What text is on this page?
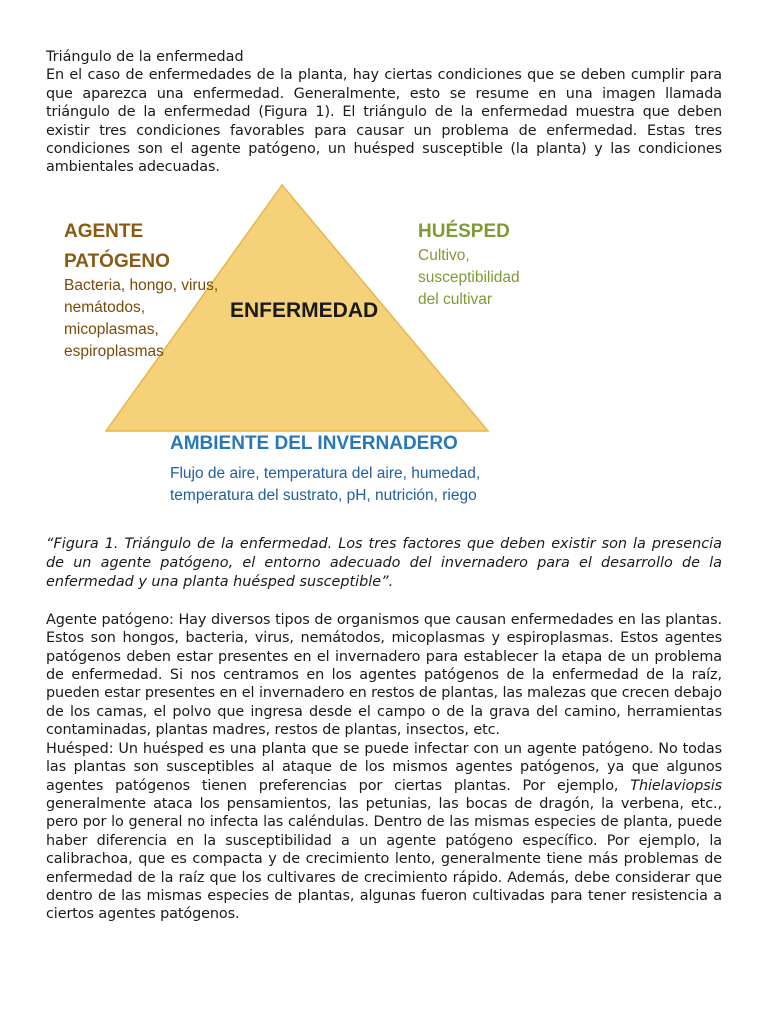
Triángulo de la enfermedad

En el caso de enfermedades de la planta, hay ciertas condiciones que se deben cumplir para que aparezca una enfermedad. Generalmente, esto se resume en una imagen llamada triángulo de la enfermedad (Figura 1). El triángulo de la enfermedad muestra que deben existir tres condiciones favorables para causar un problema de enfermedad. Estas tres condiciones son el agente patógeno, un huésped susceptible (la planta) y las condiciones ambientales adecuadas.

AGENTE
PATÓGENO
Bacteria, hongo, virus,
nemátodos,
micoplasmas,
espiroplasmas
HUÉSPED
Cultivo,
susceptibilidad
del cultivar
ENFERMEDAD
AMBIENTE DEL INVERNADERO
Flujo de aire, temperatura del aire, humedad,
temperatura del sustrato, pH, nutrición, riego

“Figura 1. Triángulo de la enfermedad. Los tres factores que deben existir son la presencia de un agente patógeno, el entorno adecuado del invernadero para el desarrollo de la enfermedad y una planta huésped susceptible”.

Agente patógeno: Hay diversos tipos de organismos que causan enfermedades en las plantas. Estos son hongos, bacteria, virus, nemátodos, micoplasmas y espiroplasmas. Estos agentes patógenos deben estar presentes en el invernadero para establecer la etapa de un problema de enfermedad. Si nos centramos en los agentes patógenos de la enfermedad de la raíz, pueden estar presentes en el invernadero en restos de plantas, las malezas que crecen debajo de los camas, el polvo que ingresa desde el campo o de la grava del camino, herramientas contaminadas, plantas madres, restos de plantas, insectos, etc.

Huésped: Un huésped es una planta que se puede infectar con un agente patógeno. No todas las plantas son susceptibles al ataque de los mismos agentes patógenos, ya que algunos agentes patógenos tienen preferencias por ciertas plantas. Por ejemplo, Thielaviopsis generalmente ataca los pensamientos, las petunias, las bocas de dragón, la verbena, etc., pero por lo general no infecta las caléndulas. Dentro de las mismas especies de planta, puede haber diferencia en la susceptibilidad a un agente patógeno específico. Por ejemplo, la calibrachoa, que es compacta y de crecimiento lento, generalmente tiene más problemas de enfermedad de la raíz que los cultivares de crecimiento rápido. Además, debe considerar que dentro de las mismas especies de plantas, algunas fueron cultivadas para tener resistencia a ciertos agentes patógenos.
